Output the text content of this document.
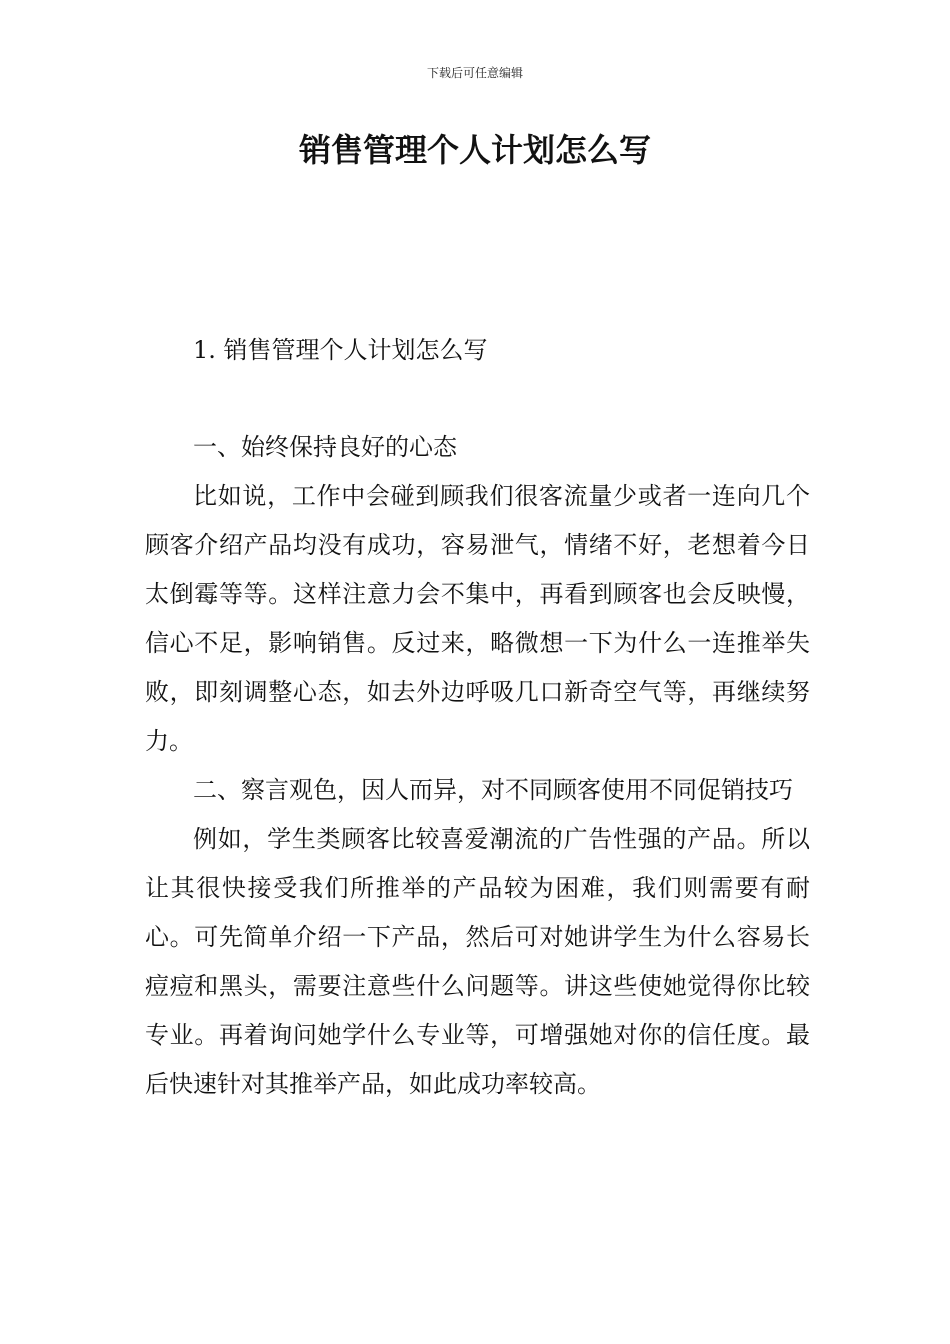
下载后可任意编辑
销售管理个人计划怎么写

1. 销售管理个人计划怎么写

一、始终保持良好的心态

比如说，工作中会碰到顾我们很客流量少或者一连向几个顾客介绍产品均没有成功，容易泄气，情绪不好，老想着今日太倒霉等等。这样注意力会不集中，再看到顾客也会反映慢，信心不足，影响销售。反过来，略微想一下为什么一连推举失败，即刻调整心态，如去外边呼吸几口新奇空气等，再继续努力。

二、察言观色，因人而异，对不同顾客使用不同促销技巧

例如，学生类顾客比较喜爱潮流的广告性强的产品。所以让其很快接受我们所推举的产品较为困难，我们则需要有耐心。可先简单介绍一下产品，然后可对她讲学生为什么容易长痘痘和黑头，需要注意些什么问题等。讲这些使她觉得你比较专业。再着询问她学什么专业等，可增强她对你的信任度。最后快速针对其推举产品，如此成功率较高。
